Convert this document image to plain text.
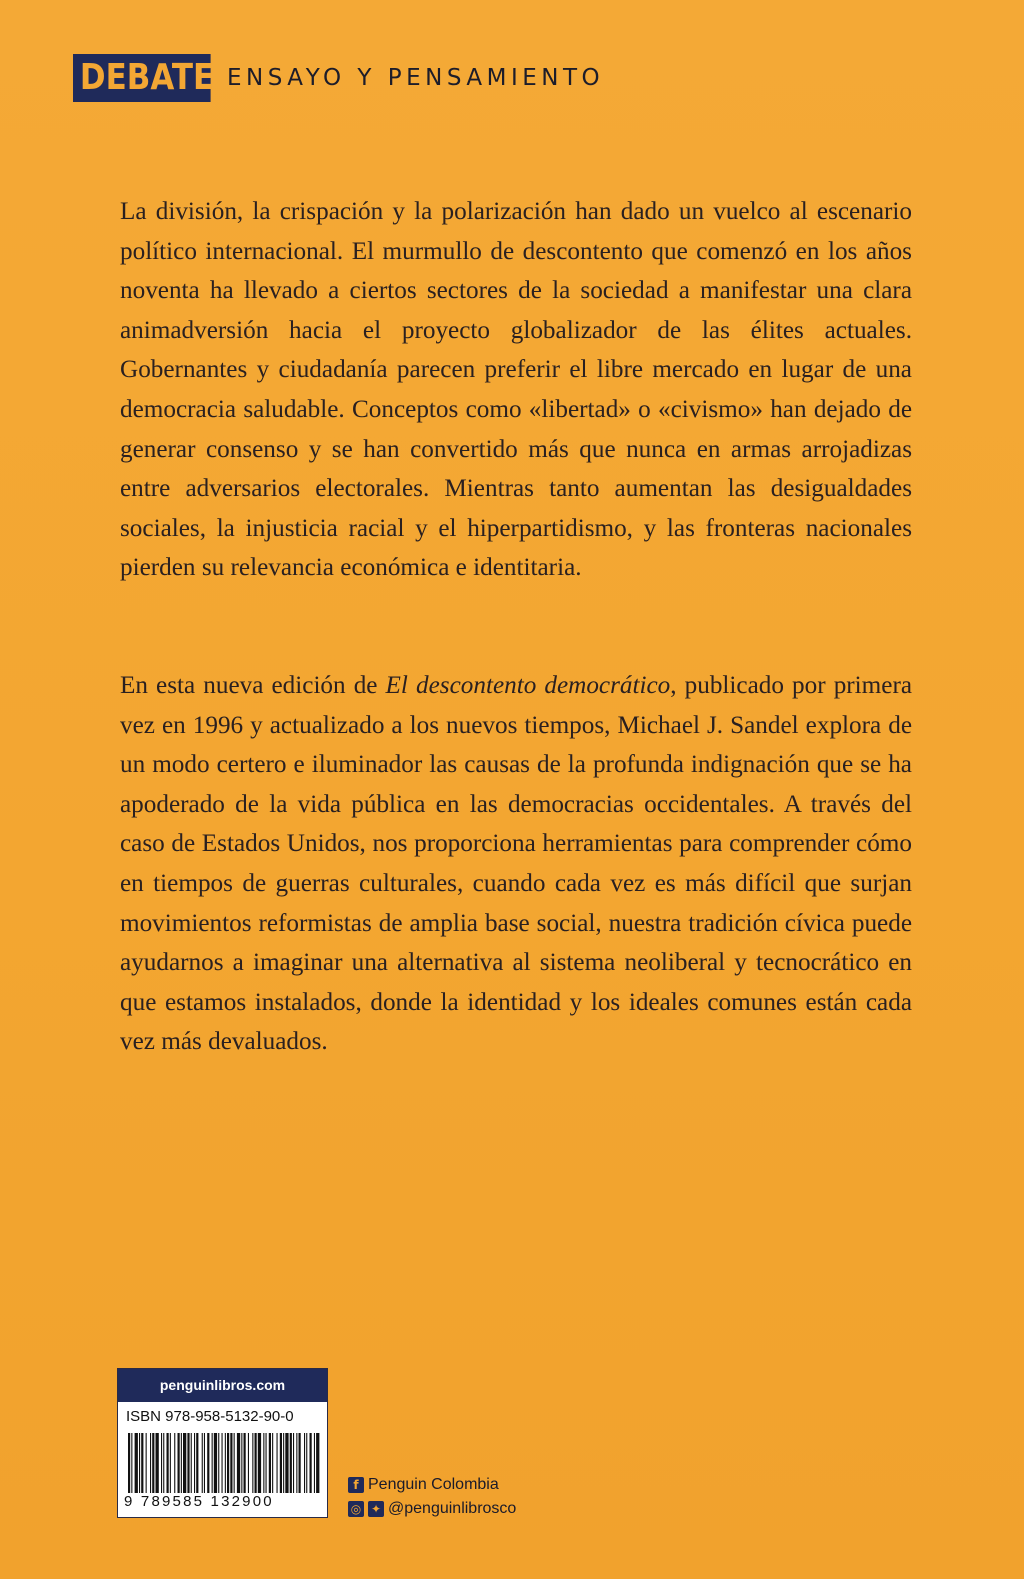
DEBATE ENSAYO Y PENSAMIENTO

La división, la crispación y la polarización han dado un vuelco al escenario político internacional. El murmullo de descontento que comenzó en los años noventa ha llevado a ciertos sectores de la sociedad a manifestar una clara animadversión hacia el proyecto globalizador de las élites actuales. Gobernantes y ciudadanía parecen preferir el libre mercado en lugar de una democracia saludable. Conceptos como «libertad» o «civismo» han dejado de generar consenso y se han convertido más que nunca en armas arrojadizas entre adversarios electorales. Mientras tanto aumentan las desigualdades sociales, la injusticia racial y el hiperpartidismo, y las fronteras nacionales pierden su relevancia económica e identitaria.

En esta nueva edición de El descontento democrático, publicado por primera vez en 1996 y actualizado a los nuevos tiempos, Michael J. Sandel explora de un modo certero e iluminador las causas de la profunda indignación que se ha apoderado de la vida pública en las democracias occidentales. A través del caso de Estados Unidos, nos proporciona herramientas para comprender cómo en tiempos de guerras culturales, cuando cada vez es más difícil que surjan movimientos reformistas de amplia base social, nuestra tradición cívica puede ayudarnos a imaginar una alternativa al sistema neoliberal y tecnocrático en que estamos instalados, donde la identidad y los ideales comunes están cada vez más devaluados.

penguinlibros.com
ISBN 978-958-5132-90-0
9 789585 132900
f Penguin Colombia
◎ ✦ @penguinlibrosco
